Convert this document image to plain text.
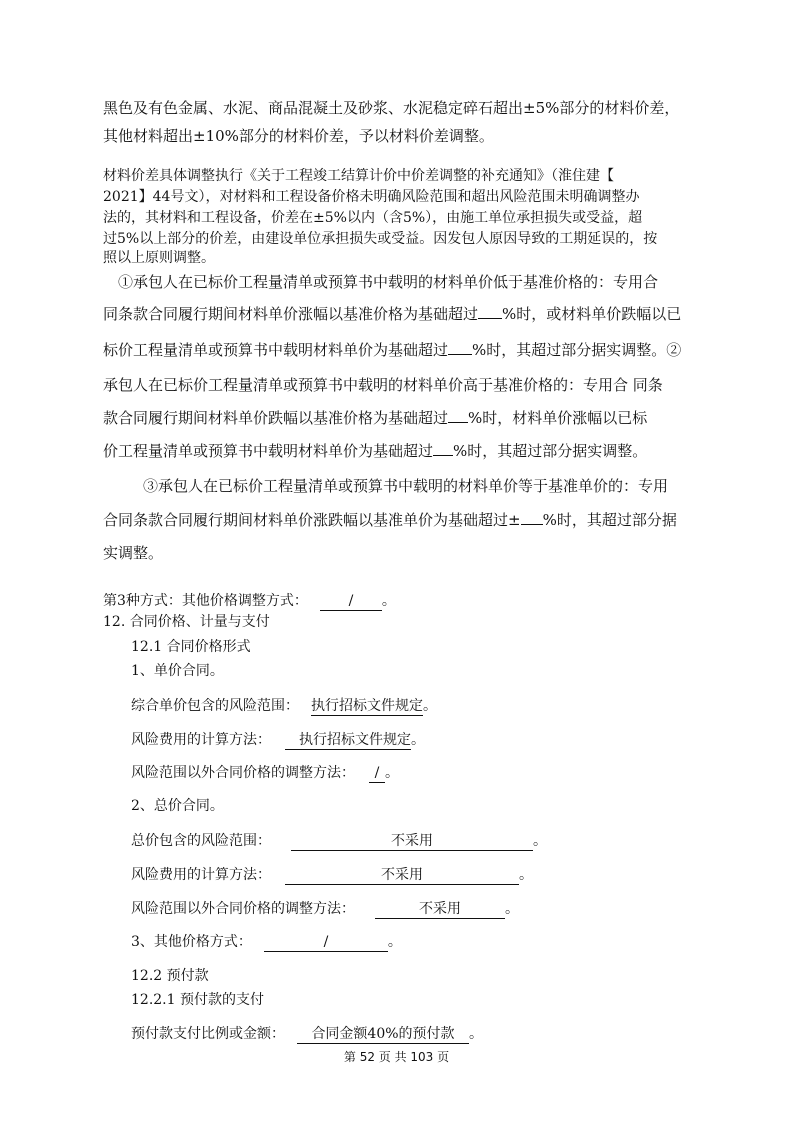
黑色及有色金属、水泥、商品混凝土及砂浆、水泥稳定碎石超出±5%部分的材料价差，
其他材料超出±10%部分的材料价差，予以材料价差调整。
材料价差具体调整执行《关于工程竣工结算计价中价差调整的补充通知》（淮住建【
2021】44号文），对材料和工程设备价格未明确风险范围和超出风险范围未明确调整办
法的，其材料和工程设备，价差在±5%以内（含5%），由施工单位承担损失或受益，超
过5%以上部分的价差，由建设单位承担损失或受益。因发包人原因导致的工期延误的，按
照以上原则调整。
①承包人在已标价工程量清单或预算书中载明的材料单价低于基准价格的：专用合
同条款合同履行期间材料单价涨幅以基准价格为基础超过 %时，或材料单价跌幅以已
标价工程量清单或预算书中载明材料单价为基础超过 %时，其超过部分据实调整。②
承包人在已标价工程量清单或预算书中载明的材料单价高于基准价格的：专用合 同条
款合同履行期间材料单价跌幅以基准价格为基础超过 %时，材料单价涨幅以已标
价工程量清单或预算书中载明材料单价为基础超过 %时，其超过部分据实调整。
③承包人在已标价工程量清单或预算书中载明的材料单价等于基准单价的：专用
合同条款合同履行期间材料单价涨跌幅以基准单价为基础超过± %时，其超过部分据
实调整。
第3种方式：其他价格调整方式：	/ 。
12. 合同价格、计量与支付
12.1 合同价格形式
1、单价合同。
综合单价包含的风险范围： 执行招标文件规定。
风险费用的计算方法： 执行招标文件规定。
风险范围以外合同价格的调整方法： / 。
2、总价合同。
总价包含的风险范围：	不采用	。
风险费用的计算方法：	不采用	。
风险范围以外合同价格的调整方法：	不采用	。
3、其他价格方式：	/	。
12.2 预付款
12.2.1 预付款的支付
预付款支付比例或金额： 合同金额40%的预付款 。
第 52 页 共 103 页
